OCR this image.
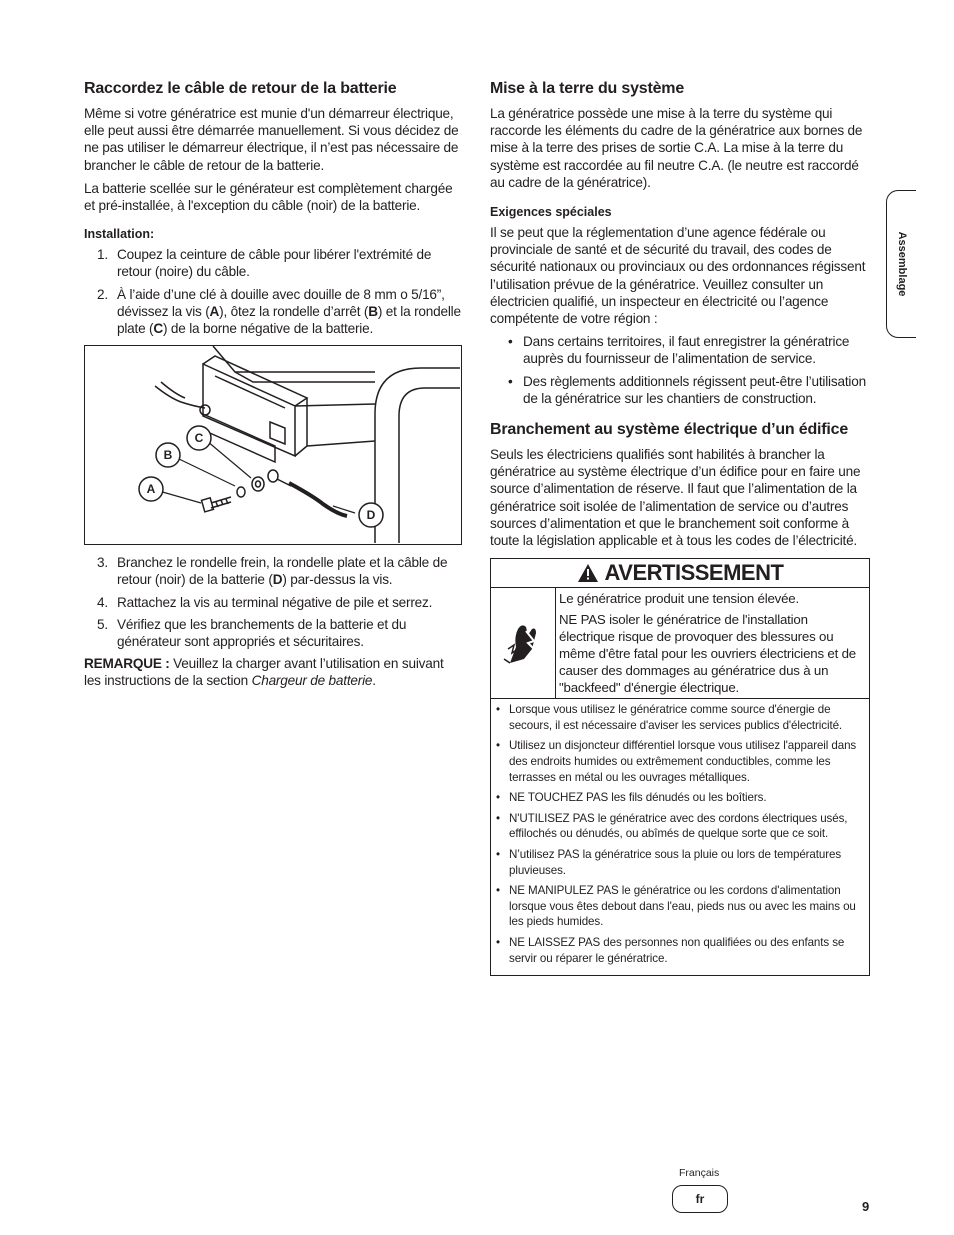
Raccordez le câble de retour de la batterie

Même si votre génératrice est munie d'un démarreur électrique, elle peut aussi être démarrée manuellement. Si vous décidez de ne pas utiliser le démarreur électrique, il n’est pas nécessaire de brancher le câble de retour de la batterie.

La batterie scellée sur le générateur est complètement chargée et pré-installée, à l'exception du câble (noir) de la batterie.

Installation:
1. Coupez la ceinture de câble pour libérer l'extrémité de retour (noire) du câble.
2. À l’aide d’une clé à douille avec douille de 8 mm o 5/16”, dévissez la vis (A), ôtez la rondelle d’arrêt (B) et la rondelle plate (C) de la borne négative de la batterie.
A
B
C
D
3. Branchez le rondelle frein, la rondelle plate et la câble de retour (noir) de la batterie (D) par-dessus la vis.
4. Rattachez la vis au terminal négative de pile et serrez.
5. Vérifiez que les branchements de la batterie et du générateur sont appropriés et sécuritaires.

REMARQUE : Veuillez la charger avant l’utilisation en suivant les instructions de la section Chargeur de batterie.

Mise à la terre du système

La génératrice possède une mise à la terre du système qui raccorde les éléments du cadre de la génératrice aux bornes de mise à la terre des prises de sortie C.A. La mise à la terre du système est raccordée au fil neutre C.A. (le neutre est raccordé au cadre de la génératrice).

Exigences spéciales

Il se peut que la réglementation d’une agence fédérale ou provinciale de santé et de sécurité du travail, des codes de sécurité nationaux ou provinciaux ou des ordonnances régissent l’utilisation prévue de la génératrice. Veuillez consulter un électricien qualifié, un inspecteur en électricité ou l’agence compétente de votre région :

• Dans certains territoires, il faut enregistrer la génératrice auprès du fournisseur de l’alimentation de service.
• Des règlements additionnels régissent peut-être l’utilisation de la génératrice sur les chantiers de construction.
Branchement au système électrique d’un édifice

Seuls les électriciens qualifiés sont habilités à brancher la génératrice au système électrique d’un édifice pour en faire une source d’alimentation de réserve. Il faut que l’alimentation de la génératrice soit isolée de l’alimentation de service ou d’autres sources d’alimentation et que le branchement soit conforme à toute la législation applicable et à tous les codes de l’électricité.

AVERTISSEMENT

Le génératrice produit une tension élevée.

NE PAS isoler le génératrice de l'installation électrique risque de provoquer des blessures ou même d'être fatal pour les ouvriers électriciens et de causer des dommages au génératrice dus à un "backfeed" d'énergie électrique.

• Lorsque vous utilisez le génératrice comme source d'énergie de secours, il est nécessaire d'aviser les services publics d'électricité.
• Utilisez un disjoncteur différentiel lorsque vous utilisez l'appareil dans des endroits humides ou extrêmement conductibles, comme les terrasses en métal ou les ouvrages métalliques.
• NE TOUCHEZ PAS les fils dénudés ou les boîtiers.
• N'UTILISEZ PAS le génératrice avec des cordons électriques usés, effilochés ou dénudés, ou abîmés de quelque sorte que ce soit.
• N’utilisez PAS la génératrice sous la pluie ou lors de températures pluvieuses.
• NE MANIPULEZ PAS le génératrice ou les cordons d'alimentation lorsque vous êtes debout dans l'eau, pieds nus ou avec les mains ou les pieds humides.
• NE LAISSEZ PAS des personnes non qualifiées ou des enfants se servir ou réparer le génératrice.
Assemblage
Français
fr	9
